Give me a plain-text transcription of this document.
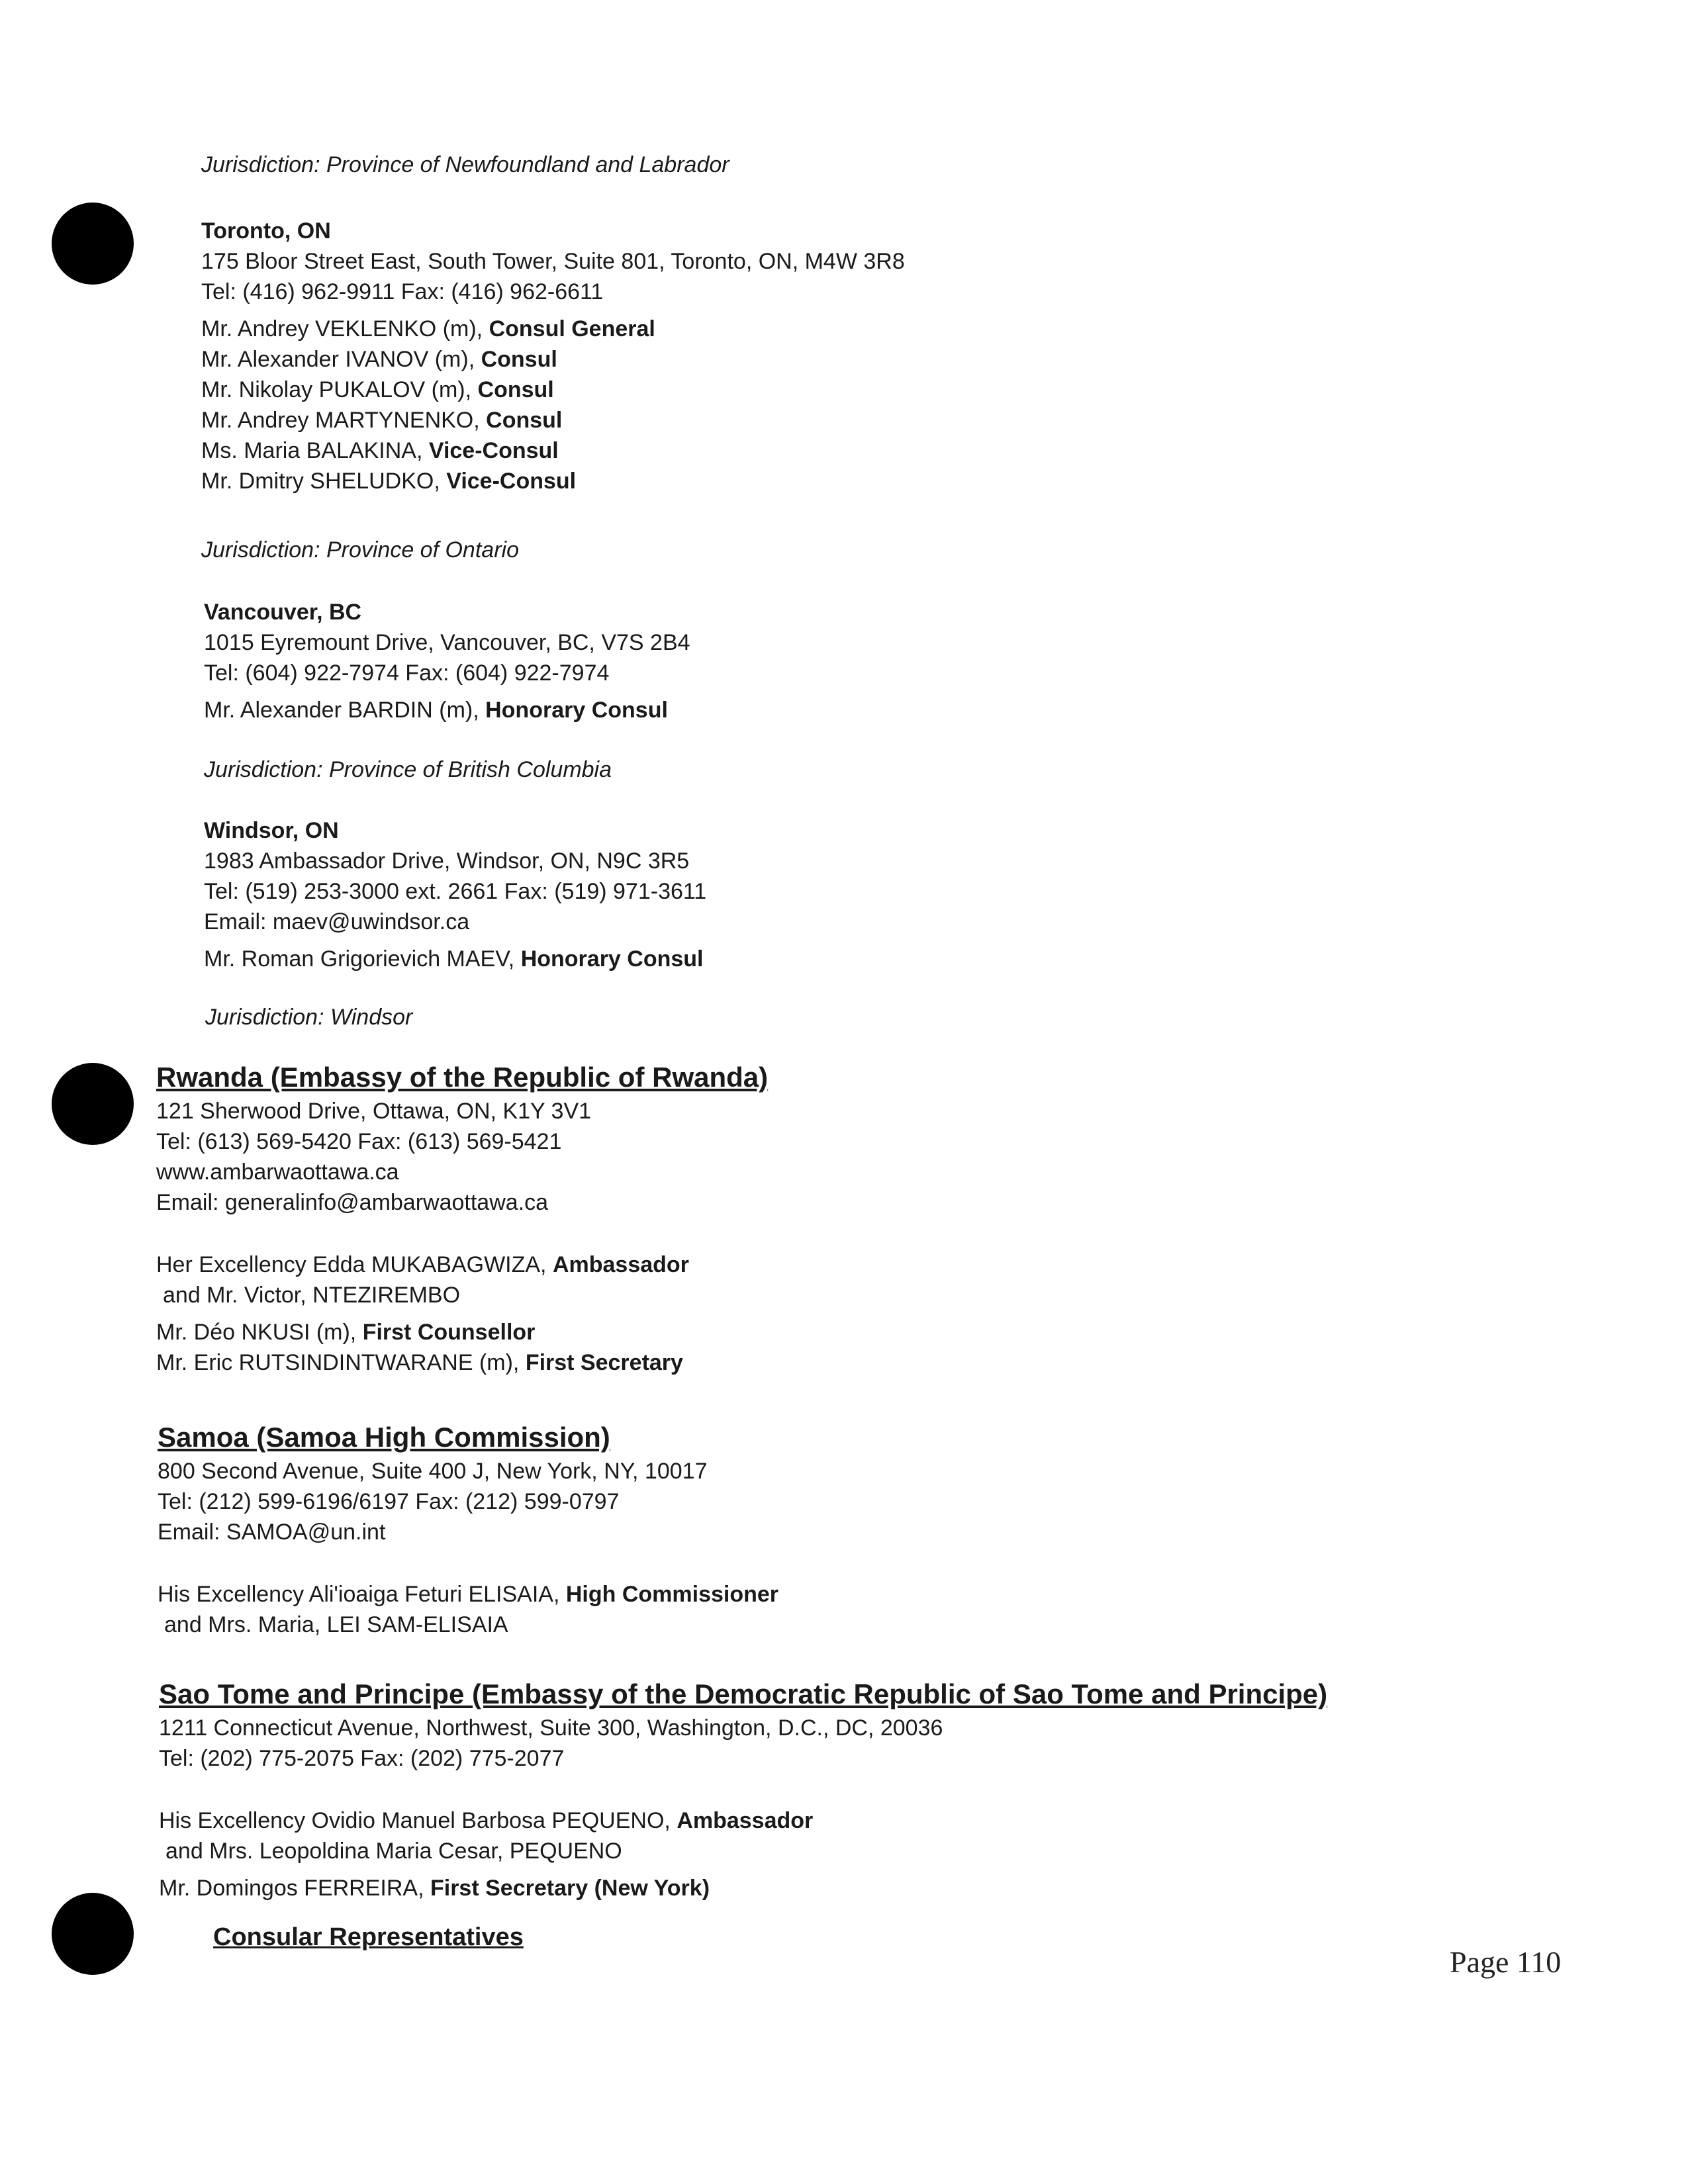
Jurisdiction: Province of Newfoundland and Labrador
Toronto, ON
175 Bloor Street East, South Tower, Suite 801, Toronto, ON, M4W 3R8
Tel: (416) 962-9911 Fax: (416) 962-6611
Mr. Andrey VEKLENKO (m), Consul General
Mr. Alexander IVANOV (m), Consul
Mr. Nikolay PUKALOV (m), Consul
Mr. Andrey MARTYNENKO, Consul
Ms. Maria BALAKINA, Vice-Consul
Mr. Dmitry SHELUDKO, Vice-Consul
Jurisdiction: Province of Ontario
Vancouver, BC
1015 Eyremount Drive, Vancouver, BC, V7S 2B4
Tel: (604) 922-7974 Fax: (604) 922-7974
Mr. Alexander BARDIN (m), Honorary Consul
Jurisdiction: Province of British Columbia
Windsor, ON
1983 Ambassador Drive, Windsor, ON, N9C 3R5
Tel: (519) 253-3000 ext. 2661 Fax: (519) 971-3611
Email: maev@uwindsor.ca
Mr. Roman Grigorievich MAEV, Honorary Consul
Jurisdiction: Windsor
Rwanda (Embassy of the Republic of Rwanda)
121 Sherwood Drive, Ottawa, ON, K1Y 3V1
Tel: (613) 569-5420 Fax: (613) 569-5421
www.ambarwaottawa.ca
Email: generalinfo@ambarwaottawa.ca
Her Excellency Edda MUKABAGWIZA, Ambassador
and Mr. Victor, NTEZIREMBO
Mr. Déo NKUSI (m), First Counsellor
Mr. Eric RUTSINDINTWARANE (m), First Secretary
Samoa (Samoa High Commission)
800 Second Avenue, Suite 400 J, New York, NY, 10017
Tel: (212) 599-6196/6197 Fax: (212) 599-0797
Email: SAMOA@un.int
His Excellency Ali'ioaiga Feturi ELISAIA, High Commissioner
and Mrs. Maria, LEI SAM-ELISAIA
Sao Tome and Principe (Embassy of the Democratic Republic of Sao Tome and Principe)
1211 Connecticut Avenue, Northwest, Suite 300, Washington, D.C., DC, 20036
Tel: (202) 775-2075 Fax: (202) 775-2077
His Excellency Ovidio Manuel Barbosa PEQUENO, Ambassador
and Mrs. Leopoldina Maria Cesar, PEQUENO
Mr. Domingos FERREIRA, First Secretary (New York)
Consular Representatives
Page 110
